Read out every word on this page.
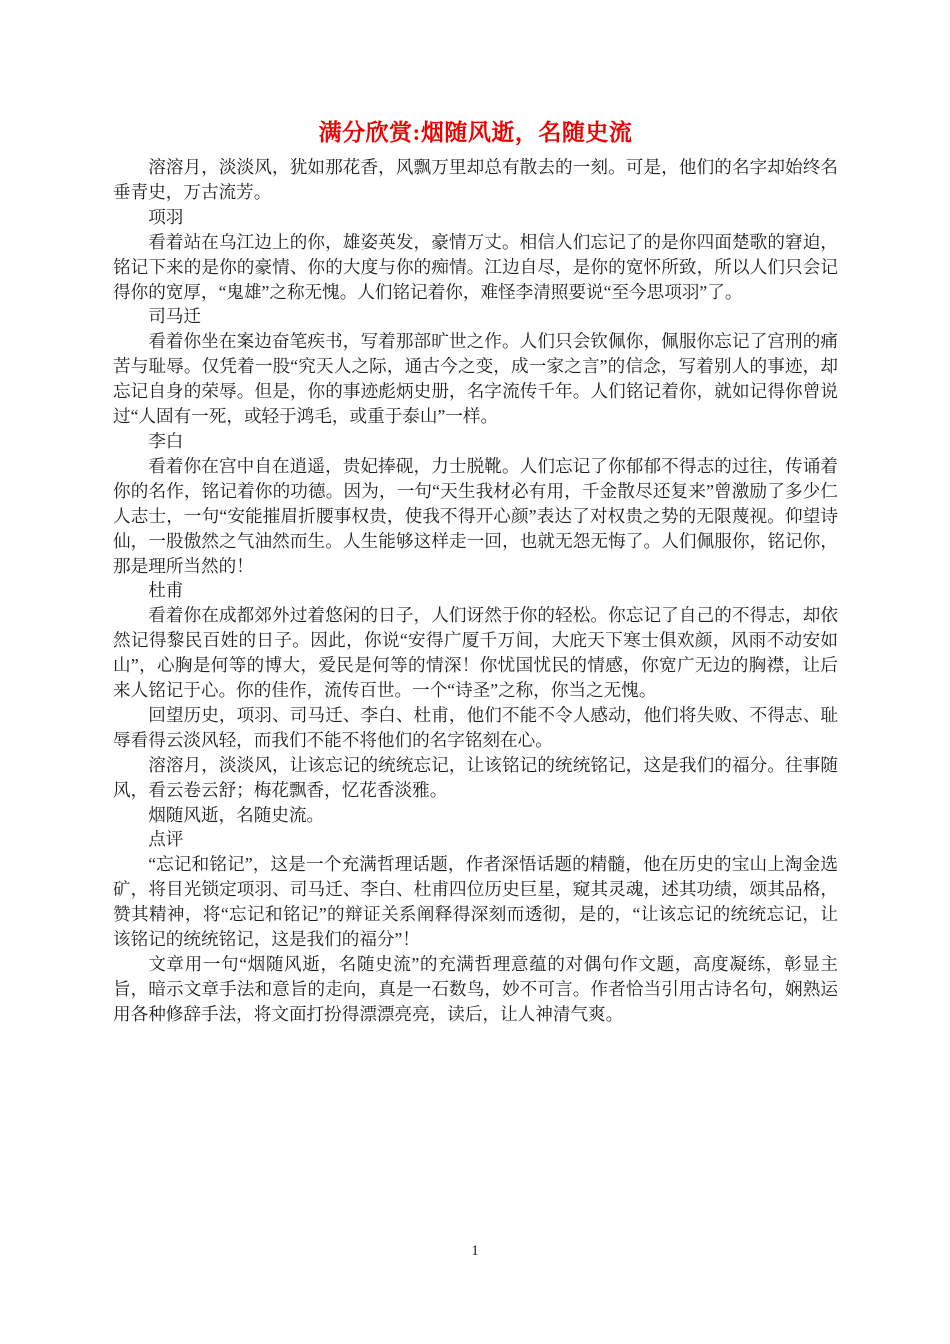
满分欣赏:烟随风逝，名随史流

溶溶月，淡淡风，犹如那花香，风飘万里却总有散去的一刻。可是，他们的名字却始终名垂青史，万古流芳。

项羽

看着站在乌江边上的你，雄姿英发，豪情万丈。相信人们忘记了的是你四面楚歌的窘迫，铭记下来的是你的豪情、你的大度与你的痴情。江边自尽，是你的宽怀所致，所以人们只会记得你的宽厚，“鬼雄”之称无愧。人们铭记着你，难怪李清照要说“至今思项羽”了。

司马迁

看着你坐在案边奋笔疾书，写着那部旷世之作。人们只会钦佩你，佩服你忘记了宫刑的痛苦与耻辱。仅凭着一股“究天人之际，通古今之变，成一家之言”的信念，写着别人的事迹，却忘记自身的荣辱。但是，你的事迹彪炳史册，名字流传千年。人们铭记着你，就如记得你曾说过“人固有一死，或轻于鸿毛，或重于泰山”一样。

李白

看着你在宫中自在逍遥，贵妃捧砚，力士脱靴。人们忘记了你郁郁不得志的过往，传诵着你的名作，铭记着你的功德。因为，一句“天生我材必有用，千金散尽还复来”曾激励了多少仁人志士，一句“安能摧眉折腰事权贵，使我不得开心颜”表达了对权贵之势的无限蔑视。仰望诗仙，一股傲然之气油然而生。人生能够这样走一回，也就无怨无悔了。人们佩服你，铭记你，那是理所当然的！

杜甫

看着你在成都郊外过着悠闲的日子，人们讶然于你的轻松。你忘记了自己的不得志，却依然记得黎民百姓的日子。因此，你说“安得广厦千万间，大庇天下寒士俱欢颜，风雨不动安如山”，心胸是何等的博大，爱民是何等的情深！你忧国忧民的情感，你宽广无边的胸襟，让后来人铭记于心。你的佳作，流传百世。一个“诗圣”之称，你当之无愧。

回望历史，项羽、司马迁、李白、杜甫，他们不能不令人感动，他们将失败、不得志、耻辱看得云淡风轻，而我们不能不将他们的名字铭刻在心。

溶溶月，淡淡风，让该忘记的统统忘记，让该铭记的统统铭记，这是我们的福分。往事随风，看云卷云舒；梅花飘香，忆花香淡雅。

烟随风逝，名随史流。

点评

“忘记和铭记”，这是一个充满哲理话题，作者深悟话题的精髓，他在历史的宝山上淘金选矿，将目光锁定项羽、司马迁、李白、杜甫四位历史巨星，窥其灵魂，述其功绩，颂其品格，赞其精神，将“忘记和铭记”的辩证关系阐释得深刻而透彻，是的，“让该忘记的统统忘记，让该铭记的统统铭记，这是我们的福分”！

文章用一句“烟随风逝，名随史流”的充满哲理意蕴的对偶句作文题，高度凝练，彰显主旨，暗示文章手法和意旨的走向，真是一石数鸟，妙不可言。作者恰当引用古诗名句，娴熟运用各种修辞手法，将文面打扮得漂漂亮亮，读后，让人神清气爽。

1
